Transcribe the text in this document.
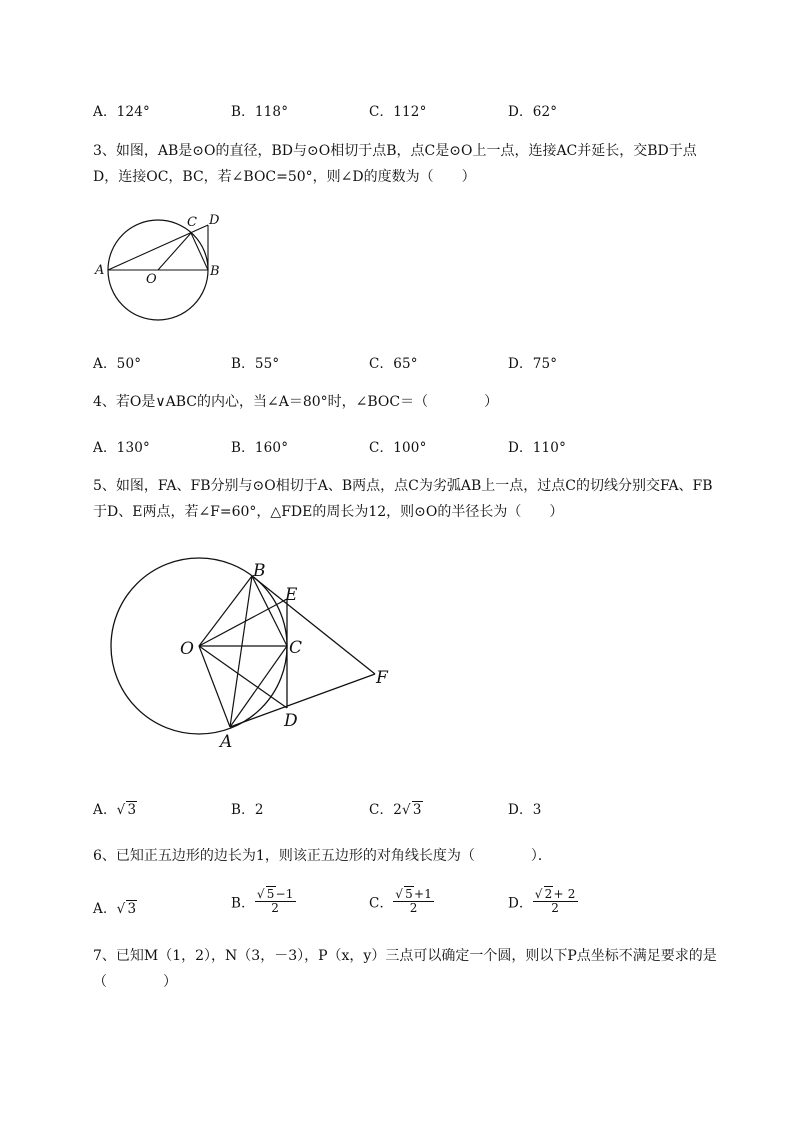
A．124°	B．118°	C．112°	D．62°
3、如图，AB是⊙O的直径，BD与⊙O相切于点B，点C是⊙O上一点，连接AC并延长，交BD于点
D，连接OC，BC，若∠BOC=50°，则∠D的度数为（　　）
A
O
B
C D
A．50°	B．55°	C．65°	D．75°
4、若O是∨ABC的内心，当∠A＝80°时，∠BOC＝（　　　　）
A．130°	B．160°	C．100°	D．110°
5、如图，FA、FB分别与⊙O相切于A、B两点，点C为劣弧AB上一点，过点C的切线分别交FA、FB
于D、E两点，若∠F=60°，△FDE的周长为12，则⊙O的半径长为（　　）
B
E
O	C
F
D
A
A．√ 3	B．2	C．2√ 3	D．3
6、已知正五边形的边长为1，则该正五边形的对角线长度为（　　　　）．
A．√ 3	B． $\frac{√ 5-1}{2}$	C． $\frac{√ 5+1}{2}$	D． $\frac{√ 2+ 2}{2}$
7、已知M（1，2），N（3，－3），P（x，y）三点可以确定一个圆，则以下P点坐标不满足要求的是
（　　　　）
